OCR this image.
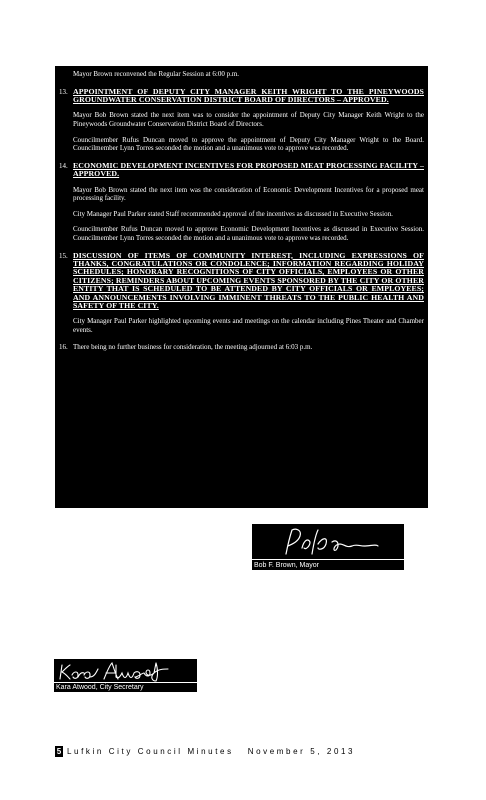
Mayor Brown reconvened the Regular Session at 6:00 p.m.
13. APPOINTMENT OF DEPUTY CITY MANAGER KEITH WRIGHT TO THE PINEYWOODS GROUNDWATER CONSERVATION DISTRICT BOARD OF DIRECTORS – APPROVED.
Mayor Bob Brown stated the next item was to consider the appointment of Deputy City Manager Keith Wright to the Pineywoods Groundwater Conservation District Board of Directors.
Councilmember Rufus Duncan moved to approve the appointment of Deputy City Manager Wright to the Board. Councilmember Lynn Torres seconded the motion and a unanimous vote to approve was recorded.
14. ECONOMIC DEVELOPMENT INCENTIVES FOR PROPOSED MEAT PROCESSING FACILITY – APPROVED.
Mayor Bob Brown stated the next item was the consideration of Economic Development Incentives for a proposed meat processing facility.
City Manager Paul Parker stated Staff recommended approval of the incentives as discussed in Executive Session.
Councilmember Rufus Duncan moved to approve Economic Development Incentives as discussed in Executive Session. Councilmember Lynn Torres seconded the motion and a unanimous vote to approve was recorded.
15. DISCUSSION OF ITEMS OF COMMUNITY INTEREST, INCLUDING EXPRESSIONS OF THANKS, CONGRATULATIONS OR CONDOLENCE; INFORMATION REGARDING HOLIDAY SCHEDULES; HONORARY RECOGNITIONS OF CITY OFFICIALS, EMPLOYEES OR OTHER CITIZENS; REMINDERS ABOUT UPCOMING EVENTS SPONSORED BY THE CITY OR OTHER ENTITY THAT IS SCHEDULED TO BE ATTENDED BY CITY OFFICIALS OR EMPLOYEES; AND ANNOUNCEMENTS INVOLVING IMMINENT THREATS TO THE PUBLIC HEALTH AND SAFETY OF THE CITY.
City Manager Paul Parker highlighted upcoming events and meetings on the calendar including Pines Theater and Chamber events.
16. There being no further business for consideration, the meeting adjourned at 6:03 p.m.
Bob F. Brown, Mayor
Kara Atwood, City Secretary
5 Lufkin City Council Minutes November 5, 2013
